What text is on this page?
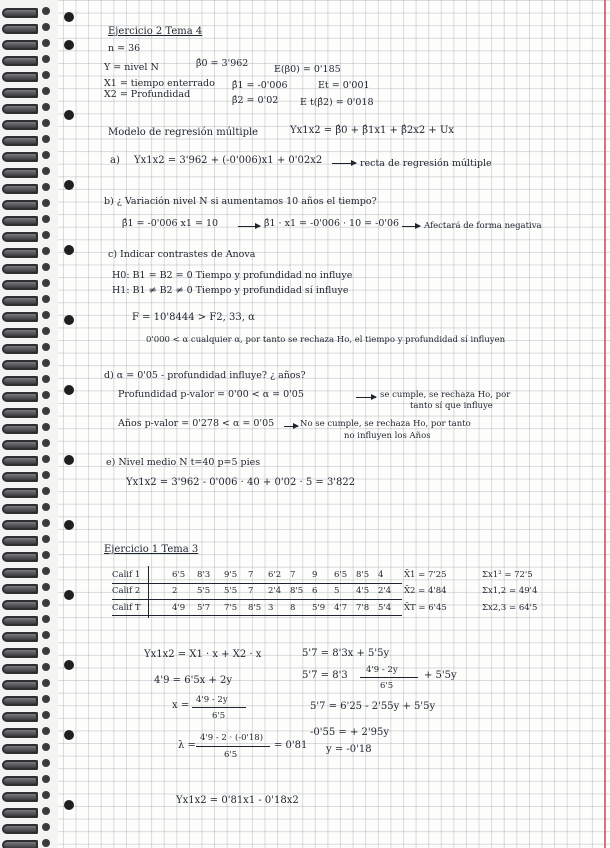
Ejercicio 2 Tema 4
n = 36
Y = nivel N	β̂0 = 3'962
E(β0) = 0'185
X1 = tiempo enterrado β̂1 = -0'006	Et = 0'001
X2 = Profundidad
β̂2 = 0'02 E t(β̂2) = 0'018
Modelo de regresión múltiple	Yx1x2 = β̂0 + β̂1x1 + β̂2x2 + Ux
a) Yx1x2 = 3'962 + (-0'006)x1 + 0'02x2	recta de regresión múltiple
b) ¿ Variación nivel N si aumentamos 10 años el tiempo?
β̂1 = -0'006 x1 = 10	β̂1 · x1 = -0'006 · 10 = -0'06	Afectará de forma negativa
c) Indicar contrastes de Anova
H0: B1 = B2 = 0 Tiempo y profundidad no influye
H1: B1 ≠ B2 ≠ 0 Tiempo y profundidad sí influye
F = 10'8444 > F2, 33, α
0'000 < α cualquier α, por tanto se rechaza Ho, el tiempo y profundidad sí influyen
d) α = 0'05 - profundidad influye? ¿ años?
Profundidad p-valor = 0'00 < α = 0'05	se cumple, se rechaza Ho, por
tanto sí que influye
Años p-valor = 0'278 < α = 0'05	No se cumple, se rechaza Ho, por tanto
no influyen los Años
e) Nivel medio N t=40 p=5 pies
Yx1x2 = 3'962 - 0'006 · 40 + 0'02 · 5 = 3'822
Ejercicio 1 Tema 3
Yx1x2 = X1 · x + X2 · x	5'7 = 8'3x + 5'5y
4'9 = 6'5x + 2y	5'7 = 8'3 4'9 - 2y
6'5
+ 5'5y
x = 4'9 - 2y
6'5
5'7 = 6'25 - 2'55y + 5'5y
-0'55 = + 2'95y
y = -0'18
λ =
4'9 - 2 · (-0'18)
6'5
= 0'81
Yx1x2 = 0'81x1 - 0'18x2
Calif 1	6'5 8'3 9'5 7 6'2 7 9 6'5 8'5 4 X̄1 = 7'25	Σx1² = 72'5
Calif 2	2 5'5 5'5 7 2'4 8'5 6 5 4'5 2'4 X̄2 = 4'84	Σx1,2 = 49'4
Calif T	4'9 5'7 7'5 8'5 3 8 5'9 4'7 7'8 5'4 X̄T = 6'45	Σx2,3 = 64'5
